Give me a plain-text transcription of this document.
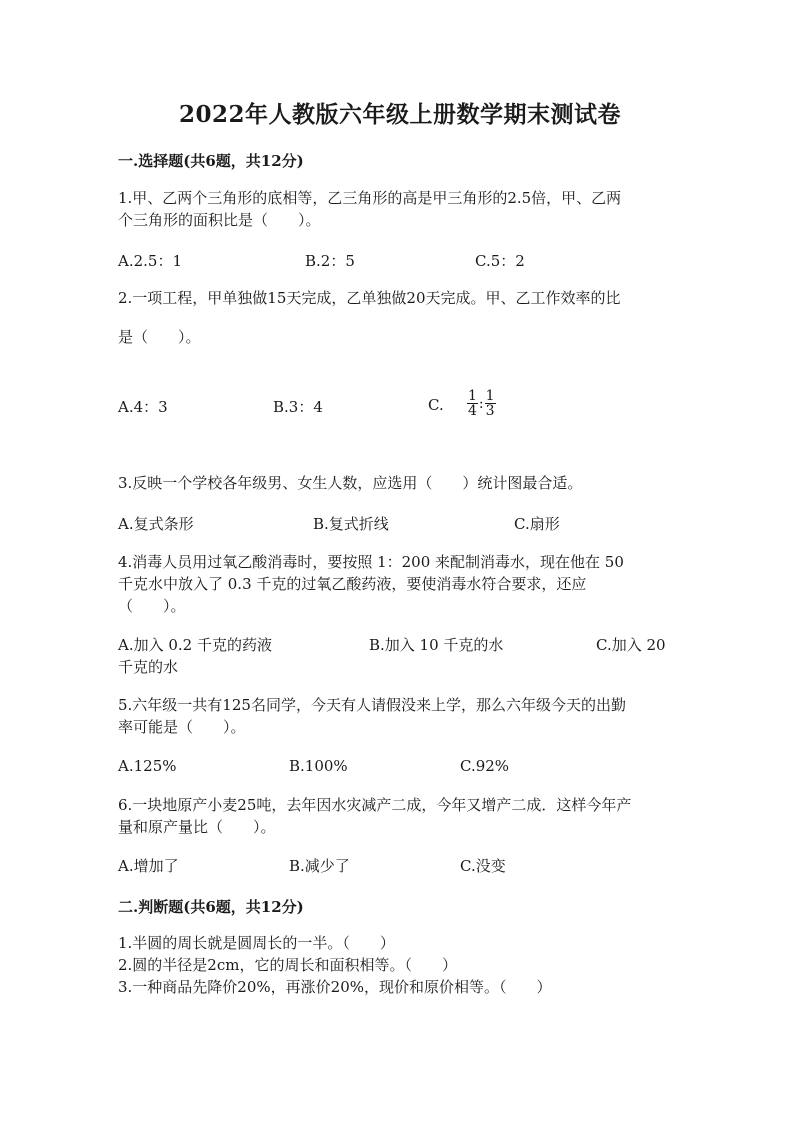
2022年人教版六年级上册数学期末测试卷
一.选择题(共6题，共12分)
1.甲、乙两个三角形的底相等，乙三角形的高是甲三角形的2.5倍，甲、乙两
个三角形的面积比是（　　）。
A.2.5：1	B.2：5	C.5：2
2.一项工程，甲单独做15天完成，乙单独做20天完成。甲、乙工作效率的比
是（　　）。
A.4：3	B.3：4	C. $\frac{1}{4}$ : $\frac{1}{3}$
3.反映一个学校各年级男、女生人数，应选用（　　）统计图最合适。
A.复式条形	B.复式折线	C.扇形
4.消毒人员用过氧乙酸消毒时，要按照 1：200 来配制消毒水，现在他在 50
千克水中放入了 0.3 千克的过氧乙酸药液，要使消毒水符合要求，还应
（　　）。
A.加入 0.2 千克的药液	B.加入 10 千克的水	C.加入 20
千克的水
5.六年级一共有125名同学，今天有人请假没来上学，那么六年级今天的出勤
率可能是（　　）。
A.125%	B.100%	C.92%
6.一块地原产小麦25吨，去年因水灾减产二成，今年又增产二成．这样今年产
量和原产量比（　　）。
A.增加了	B.减少了	C.没变
二.判断题(共6题，共12分)
1.半圆的周长就是圆周长的一半。（　　）
2.圆的半径是2cm，它的周长和面积相等。（　　）
3.一种商品先降价20%，再涨价20%，现价和原价相等。（　　）
